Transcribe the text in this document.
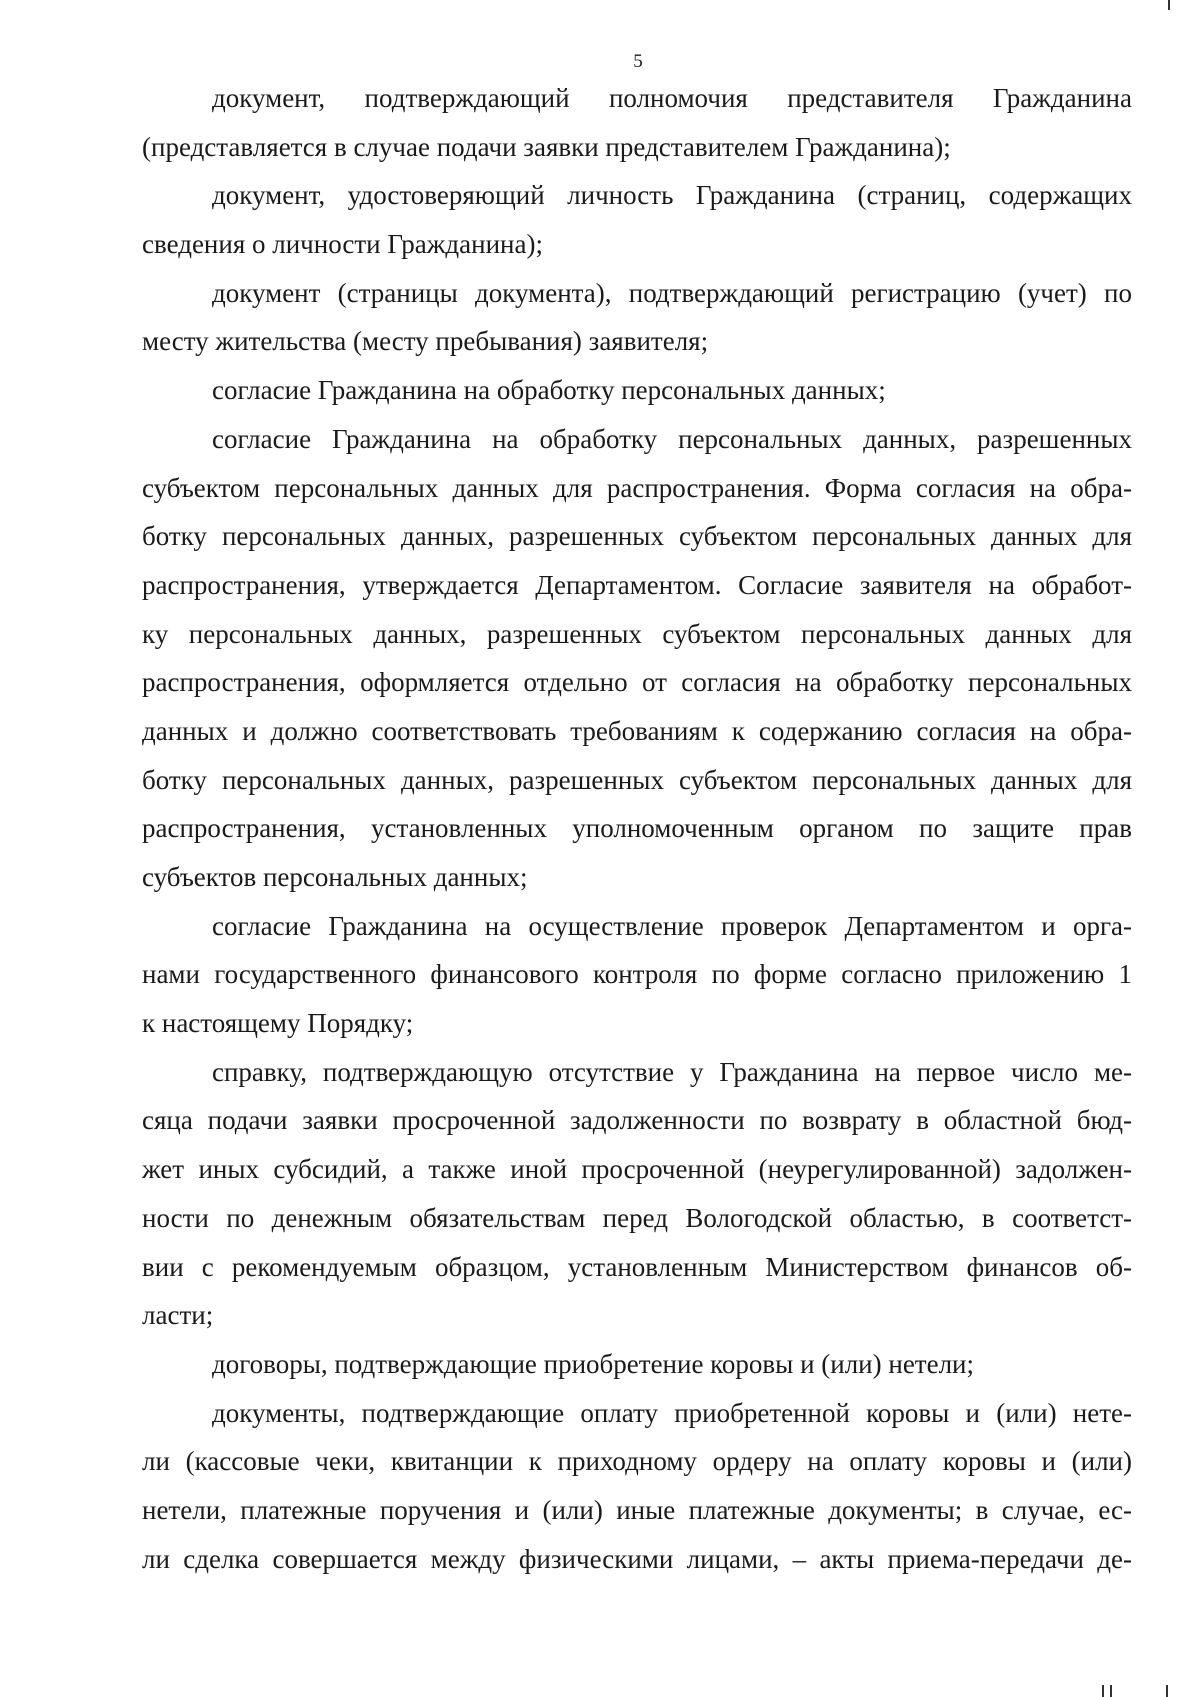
5
документ, подтверждающий полномочия представителя Гражданина
(представляется в случае подачи заявки представителем Гражданина);
документ, удостоверяющий личность Гражданина (страниц, содержащих
сведения о личности Гражданина);
документ (страницы документа), подтверждающий регистрацию (учет) по
месту жительства (месту пребывания) заявителя;
согласие Гражданина на обработку персональных данных;
согласие Гражданина на обработку персональных данных, разрешенных
субъектом персональных данных для распространения. Форма согласия на обра-
ботку персональных данных, разрешенных субъектом персональных данных для
распространения, утверждается Департаментом. Согласие заявителя на обработ-
ку персональных данных, разрешенных субъектом персональных данных для
распространения, оформляется отдельно от согласия на обработку персональных
данных и должно соответствовать требованиям к содержанию согласия на обра-
ботку персональных данных, разрешенных субъектом персональных данных для
распространения, установленных уполномоченным органом по защите прав
субъектов персональных данных;
согласие Гражданина на осуществление проверок Департаментом и орга-
нами государственного финансового контроля по форме согласно приложению 1
к настоящему Порядку;
справку, подтверждающую отсутствие у Гражданина на первое число ме-
сяца подачи заявки просроченной задолженности по возврату в областной бюд-
жет иных субсидий, а также иной просроченной (неурегулированной) задолжен-
ности по денежным обязательствам перед Вологодской областью, в соответст-
вии с рекомендуемым образцом, установленным Министерством финансов об-
ласти;
договоры, подтверждающие приобретение коровы и (или) нетели;
документы, подтверждающие оплату приобретенной коровы и (или) нете-
ли (кассовые чеки, квитанции к приходному ордеру на оплату коровы и (или)
нетели, платежные поручения и (или) иные платежные документы; в случае, ес-
ли сделка совершается между физическими лицами, – акты приема-передачи де-
